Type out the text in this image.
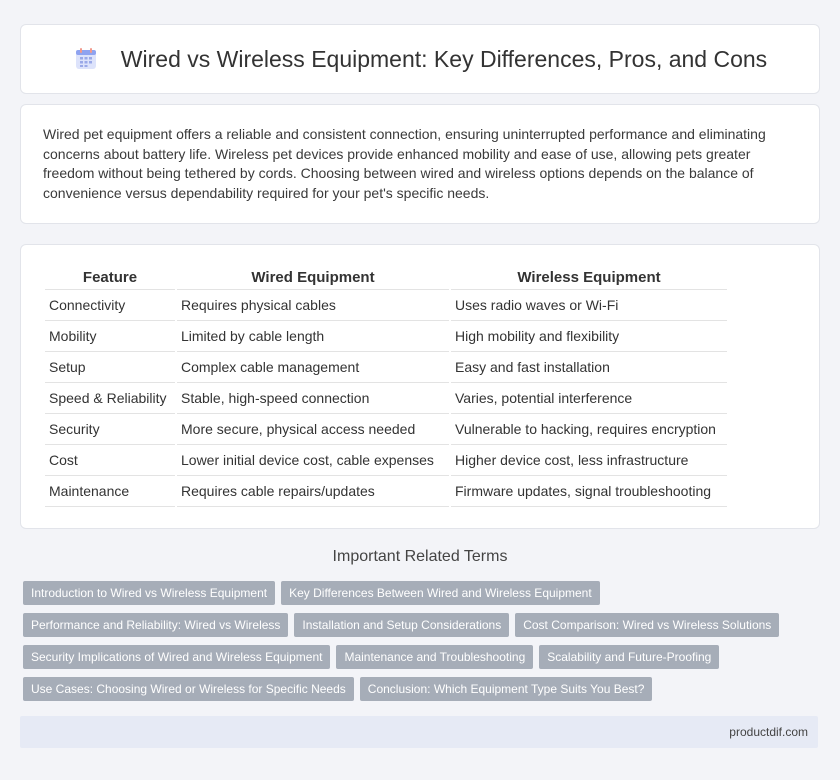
Wired vs Wireless Equipment: Key Differences, Pros, and Cons

Wired pet equipment offers a reliable and consistent connection, ensuring uninterrupted performance and eliminating concerns about battery life. Wireless pet devices provide enhanced mobility and ease of use, allowing pets greater freedom without being tethered by cords. Choosing between wired and wireless options depends on the balance of convenience versus dependability required for your pet's specific needs.

Feature	Wired Equipment	Wireless Equipment
Connectivity	Requires physical cables	Uses radio waves or Wi-Fi
Mobility	Limited by cable length	High mobility and flexibility
Setup	Complex cable management	Easy and fast installation
Speed & Reliability	Stable, high-speed connection	Varies, potential interference
Security	More secure, physical access needed	Vulnerable to hacking, requires encryption
Cost	Lower initial device cost, cable expenses	Higher device cost, less infrastructure
Maintenance	Requires cable repairs/updates	Firmware updates, signal troubleshooting
Important Related Terms
Introduction to Wired vs Wireless Equipment Key Differences Between Wired and Wireless EquipmentPerformance and Reliability: Wired vs Wireless Installation and Setup Considerations Cost Comparison: Wired vs Wireless SolutionsSecurity Implications of Wired and Wireless Equipment Maintenance and Troubleshooting Scalability and Future-ProofingUse Cases: Choosing Wired or Wireless for Specific Needs Conclusion: Which Equipment Type Suits You Best?
productdif.com
